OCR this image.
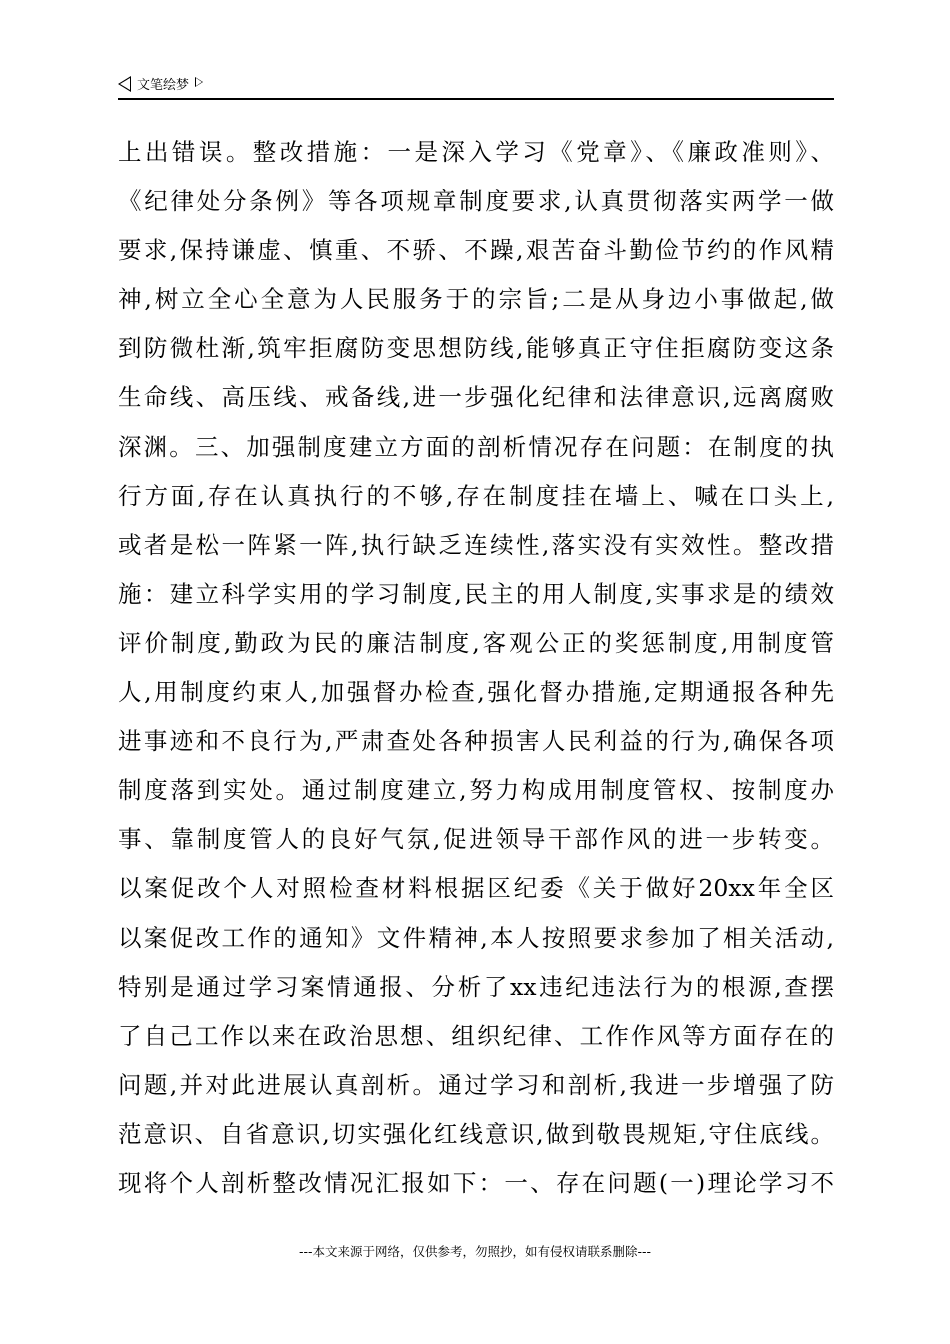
文笔绘梦
上出错误。整改措施：一是深入学习《党章》、《廉政准则》、
《纪律处分条例》等各项规章制度要求,认真贯彻落实两学一做
要求,保持谦虚、慎重、不骄、不躁,艰苦奋斗勤俭节约的作风精
神,树立全心全意为人民服务于的宗旨;二是从身边小事做起,做
到防微杜渐,筑牢拒腐防变思想防线,能够真正守住拒腐防变这条
生命线、高压线、戒备线,进一步强化纪律和法律意识,远离腐败
深渊。三、加强制度建立方面的剖析情况存在问题：在制度的执
行方面,存在认真执行的不够,存在制度挂在墙上、喊在口头上,
或者是松一阵紧一阵,执行缺乏连续性,落实没有实效性。整改措
施：建立科学实用的学习制度,民主的用人制度,实事求是的绩效
评价制度,勤政为民的廉洁制度,客观公正的奖惩制度,用制度管
人,用制度约束人,加强督办检查,强化督办措施,定期通报各种先
进事迹和不良行为,严肃查处各种损害人民利益的行为,确保各项
制度落到实处。通过制度建立,努力构成用制度管权、按制度办
事、靠制度管人的良好气氛,促进领导干部作风的进一步转变。
以案促改个人对照检查材料根据区纪委《关于做好20xx年全区
以案促改工作的通知》文件精神,本人按照要求参加了相关活动,
特别是通过学习案情通报、分析了xx违纪违法行为的根源,查摆
了自己工作以来在政治思想、组织纪律、工作作风等方面存在的
问题,并对此进展认真剖析。通过学习和剖析,我进一步增强了防
范意识、自省意识,切实强化红线意识,做到敬畏规矩,守住底线。
现将个人剖析整改情况汇报如下：一、存在问题(一)理论学习不
---本文来源于网络，仅供参考，勿照抄，如有侵权请联系删除---
